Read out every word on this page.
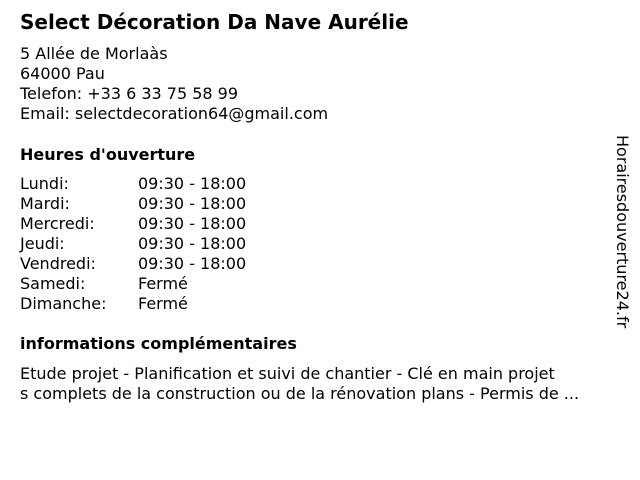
Select Décoration Da Nave Aurélie
5 Allée de Morlaàs
64000 Pau
Telefon: +33 6 33 75 58 99
Email: selectdecoration64@gmail.com
Heures d'ouverture
Lundi:	09:30 - 18:00
Mardi:	09:30 - 18:00
Mercredi:	09:30 - 18:00
Jeudi:	09:30 - 18:00
Vendredi:	09:30 - 18:00
Samedi:	Fermé
Dimanche: Fermé
informations complémentaires
Etude projet - Planification et suivi de chantier - Clé en main projet
s complets de la construction ou de la rénovation plans - Permis de ...
Horairesdouverture24.fr
